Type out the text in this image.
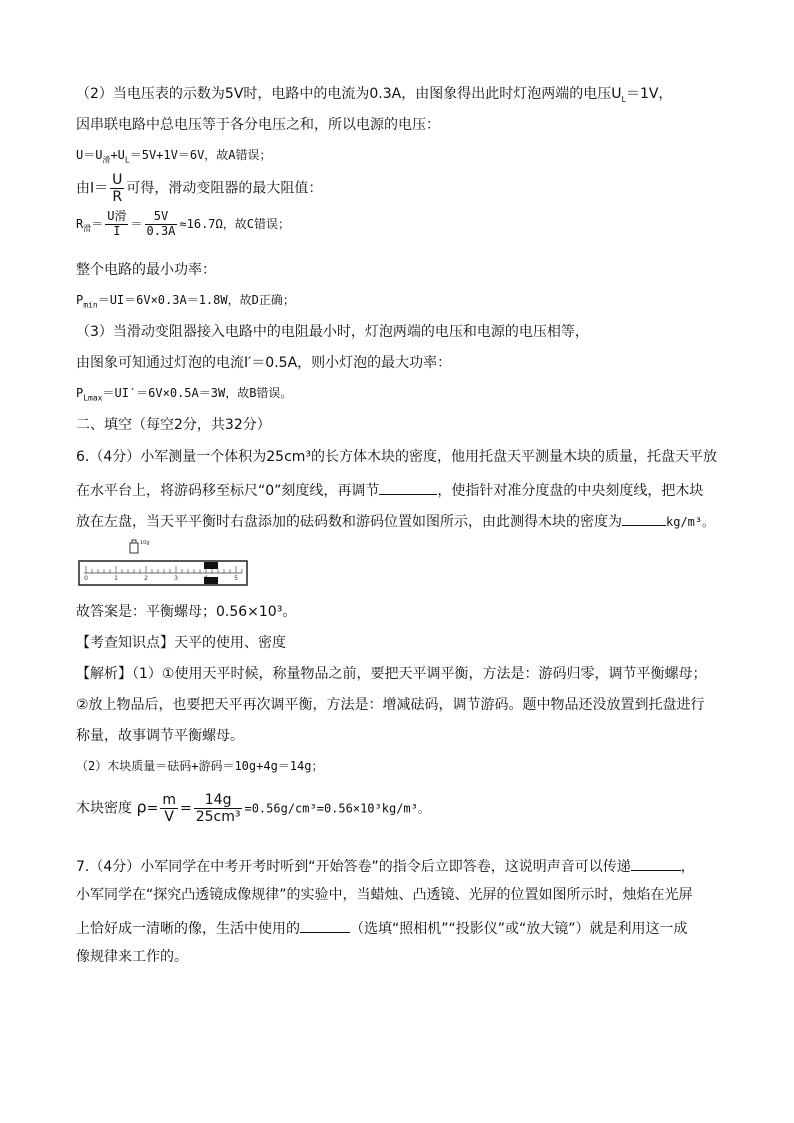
（2）当电压表的示数为5V时，电路中的电流为0.3A，由图象得出此时灯泡两端的电压$U_L=1V$，
因串联电路中总电压等于各分电压之和，所以电源的电压：
$U=U_滑+U_L=5V+1V=6V$，故A错误；
由$I= \frac{U}{R}$ 可得，滑动变阻器的最大阻值：
$R_滑= \frac{\text{U滑}}{I} = \frac{5V}{0.3A} \approx 16.7\Omega$，故C错误；
整个电路的最小功率：
$P_{min}=UI=6V\times 0.3A=1.8W$，故D正确；
（3）当滑动变阻器接入电路中的电阻最小时，灯泡两端的电压和电源的电压相等，
由图象可知通过灯泡的电流I′＝0.5A，则小灯泡的最大功率：
$P_{Lmax}=UI'=6V\times 0.5A=3W$，故B错误。
二、填空（每空2分，共32分）
6.（4分）小军测量一个体积为25cm³的长方体木块的密度，他用托盘天平测量木块的质量，托盘天平放
在水平台上，将游码移至标尺“0”刻度线，再调节	，使指针对准分度盘的中央刻度线，把木块
放在左盘，当天平平衡时右盘添加的砝码数和游码位置如图所示，由此测得木块的密度为	kg/m³。
10g
0	1	2	3	5
故答案是：平衡螺母；0.56×10³。
【考查知识点】天平的使用、密度
【解析】（1）①使用天平时候，称量物品之前，要把天平调平衡，方法是：游码归零，调节平衡螺母；
②放上物品后，也要把天平再次调平衡，方法是：增减砝码，调节游码。题中物品还没放置到托盘进行
称量，故事调节平衡螺母。
（2）木块质量＝砝码+游码＝10g+4g＝14g；
木块密度 $\rho= \frac{m}{V} = \frac{14g}{\text{25cm³}} =0.56g/cm^3=0.56\times 10^3kg/m^3$。
7.（4分）小军同学在中考开考时听到“开始答卷”的指令后立即答卷，这说明声音可以传递	，
小军同学在“探究凸透镜成像规律”的实验中，当蜡烛、凸透镜、光屏的位置如图所示时，烛焰在光屏
上恰好成一清晰的像，生活中使用的	（选填“照相机”“投影仪”或“放大镜”）就是利用这一成
像规律来工作的。
